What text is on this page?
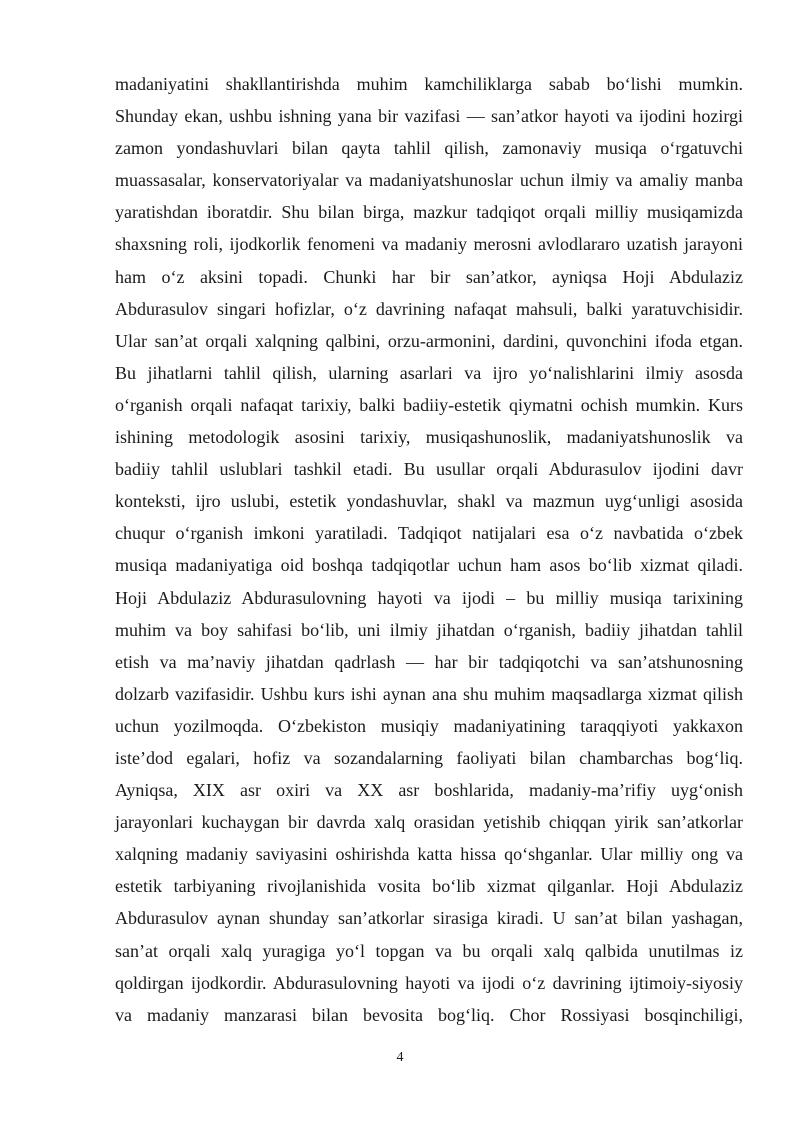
madaniyatini shakllantirishda muhim kamchiliklarga sabab boʻlishi mumkin.
Shunday ekan, ushbu ishning yana bir vazifasi — san’atkor hayoti va ijodini hozirgi
zamon yondashuvlari bilan qayta tahlil qilish, zamonaviy musiqa oʻrgatuvchi
muassasalar, konservatoriyalar va madaniyatshunoslar uchun ilmiy va amaliy manba
yaratishdan iboratdir. Shu bilan birga, mazkur tadqiqot orqali milliy musiqamizda
shaxsning roli, ijodkorlik fenomeni va madaniy merosni avlodlararo uzatish jarayoni
ham oʻz aksini topadi. Chunki har bir san’atkor, ayniqsa Hoji Abdulaziz
Abdurasulov singari hofizlar, oʻz davrining nafaqat mahsuli, balki yaratuvchisidir.
Ular san’at orqali xalqning qalbini, orzu-armonini, dardini, quvonchini ifoda etgan.
Bu jihatlarni tahlil qilish, ularning asarlari va ijro yoʻnalishlarini ilmiy asosda
oʻrganish orqali nafaqat tarixiy, balki badiiy-estetik qiymatni ochish mumkin. Kurs
ishining metodologik asosini tarixiy, musiqashunoslik, madaniyatshunoslik va
badiiy tahlil uslublari tashkil etadi. Bu usullar orqali Abdurasulov ijodini davr
konteksti, ijro uslubi, estetik yondashuvlar, shakl va mazmun uygʻunligi asosida
chuqur oʻrganish imkoni yaratiladi. Tadqiqot natijalari esa oʻz navbatida oʻzbek
musiqa madaniyatiga oid boshqa tadqiqotlar uchun ham asos boʻlib xizmat qiladi.
Hoji Abdulaziz Abdurasulovning hayoti va ijodi – bu milliy musiqa tarixining
muhim va boy sahifasi boʻlib, uni ilmiy jihatdan oʻrganish, badiiy jihatdan tahlil
etish va ma’naviy jihatdan qadrlash — har bir tadqiqotchi va san’atshunosning
dolzarb vazifasidir. Ushbu kurs ishi aynan ana shu muhim maqsadlarga xizmat qilish
uchun yozilmoqda. Oʻzbekiston musiqiy madaniyatining taraqqiyoti yakkaxon
iste’dod egalari, hofiz va sozandalarning faoliyati bilan chambarchas bogʻliq.
Ayniqsa, XIX asr oxiri va XX asr boshlarida, madaniy-ma’rifiy uygʻonish
jarayonlari kuchaygan bir davrda xalq orasidan yetishib chiqqan yirik san’atkorlar
xalqning madaniy saviyasini oshirishda katta hissa qoʻshganlar. Ular milliy ong va
estetik tarbiyaning rivojlanishida vosita boʻlib xizmat qilganlar. Hoji Abdulaziz
Abdurasulov aynan shunday san’atkorlar sirasiga kiradi. U san’at bilan yashagan,
san’at orqali xalq yuragiga yoʻl topgan va bu orqali xalq qalbida unutilmas iz
qoldirgan ijodkordir. Abdurasulovning hayoti va ijodi oʻz davrining ijtimoiy-siyosiy
va madaniy manzarasi bilan bevosita bogʻliq. Chor Rossiyasi bosqinchiligi,
4
